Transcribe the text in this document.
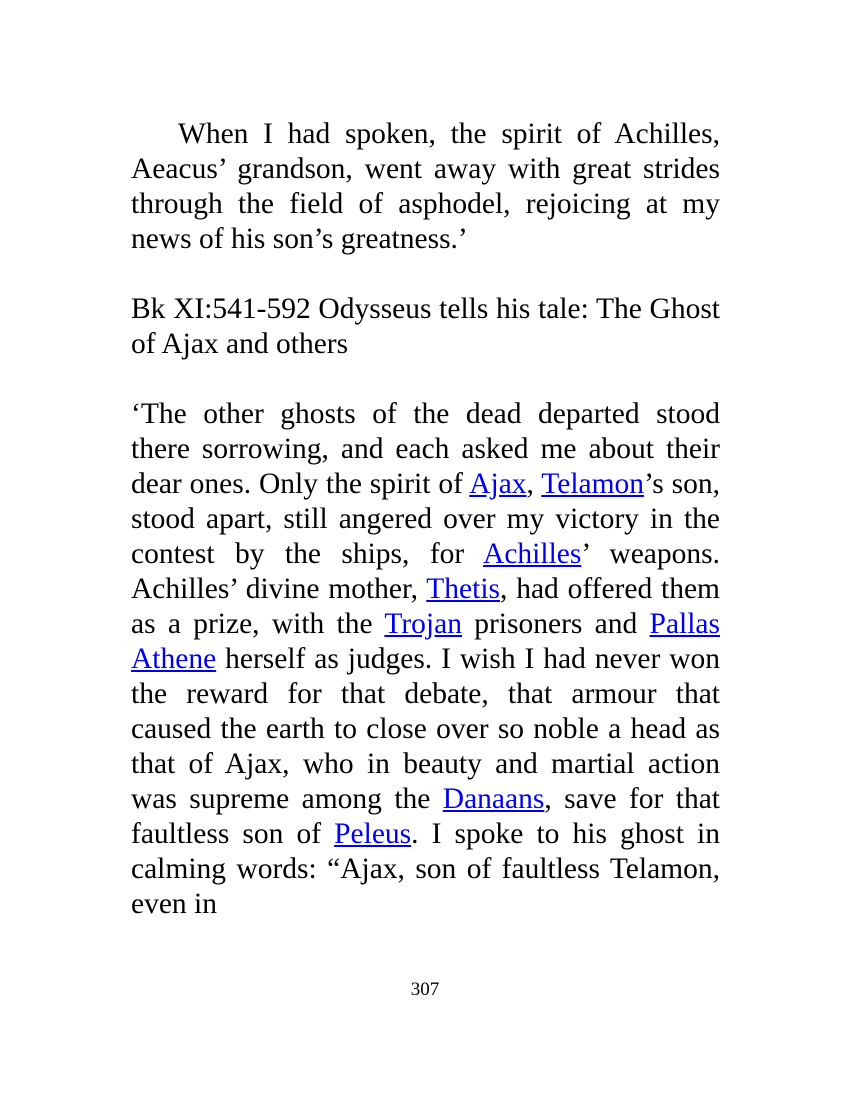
When I had spoken, the spirit of Achilles, Aeacus’ grandson, went away with great strides through the field of asphodel, rejoicing at my news of his son’s greatness.’

Bk XI:541-592 Odysseus tells his tale: The Ghost of Ajax and others

‘The other ghosts of the dead departed stood there sorrowing, and each asked me about their dear ones. Only the spirit of Ajax, Telamon’s son, stood apart, still angered over my victory in the contest by the ships, for Achilles’ weapons. Achilles’ divine mother, Thetis, had offered them as a prize, with the Trojan prisoners and Pallas Athene herself as judges. I wish I had never won the reward for that debate, that armour that caused the earth to close over so noble a head as that of Ajax, who in beauty and martial action was supreme among the Danaans, save for that faultless son of Peleus. I spoke to his ghost in calming words: “Ajax, son of faultless Telamon, even in

307
